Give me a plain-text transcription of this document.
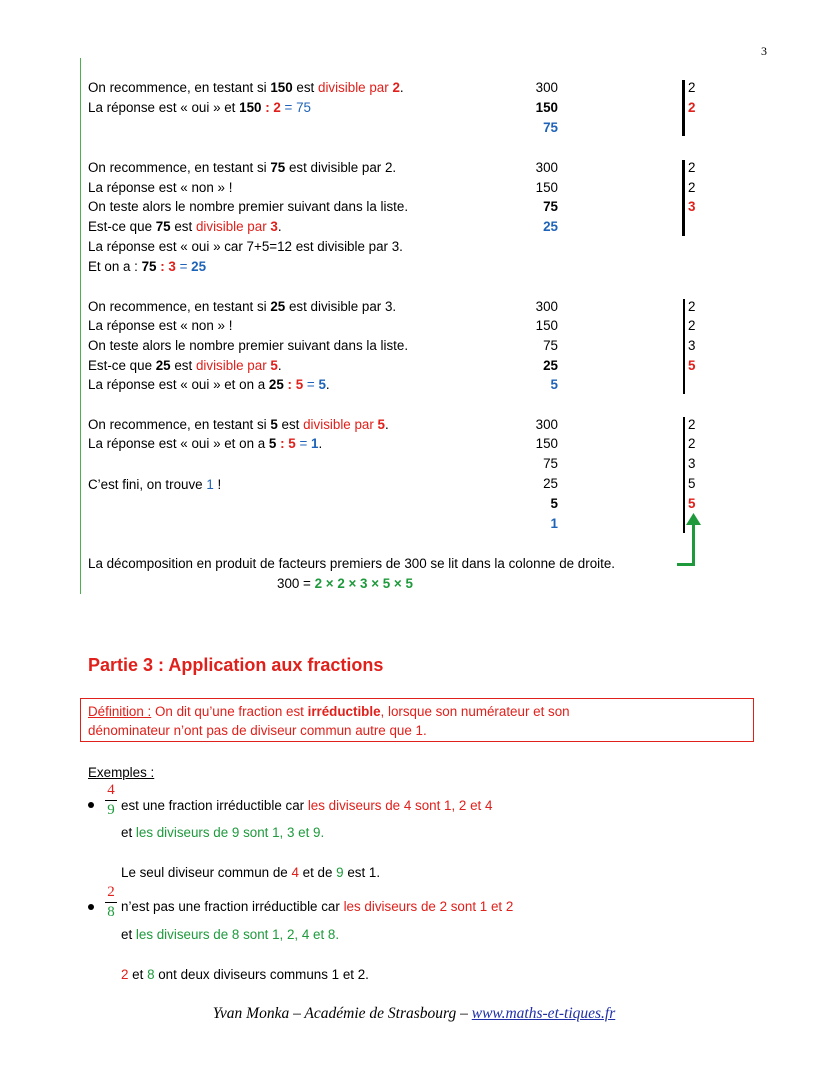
3
On recommence, en testant si 150 est divisible par 2.
La réponse est « oui » et 150 : 2 = 75
300	2
150	2
75
On recommence, en testant si 75 est divisible par 2.
La réponse est « non » !
On teste alors le nombre premier suivant dans la liste.
Est-ce que 75 est divisible par 3.
La réponse est « oui » car 7+5=12 est divisible par 3.
Et on a : 75 : 3 = 25
300	2
150	2
75	3
25
On recommence, en testant si 25 est divisible par 3.
La réponse est « non » !
On teste alors le nombre premier suivant dans la liste.
Est-ce que 25 est divisible par 5.
La réponse est « oui » et on a 25 : 5 = 5.
300	2
150	2
75	3
25	5
5
On recommence, en testant si 5 est divisible par 5.
La réponse est « oui » et on a 5 : 5 = 1.
C’est fini, on trouve 1 !
300	2
150	2
75	3
25	5
5	5
1
La décomposition en produit de facteurs premiers de 300 se lit dans la colonne de droite.
300 = 2 × 2 × 3 × 5 × 5
Partie 3 : Application aux fractions
Définition : On dit qu’une fraction est irréductible, lorsque son numérateur et son
dénominateur n’ont pas de diviseur commun autre que 1.
Exemples :
4
9 est une fraction irréductible car les diviseurs de 4 sont 1, 2 et 4
et les diviseurs de 9 sont 1, 3 et 9.
Le seul diviseur commun de 4 et de 9 est 1.
2
8 n’est pas une fraction irréductible car les diviseurs de 2 sont 1 et 2
et les diviseurs de 8 sont 1, 2, 4 et 8.
2 et 8 ont deux diviseurs communs 1 et 2.
Yvan Monka – Académie de Strasbourg – www.maths-et-tiques.fr
